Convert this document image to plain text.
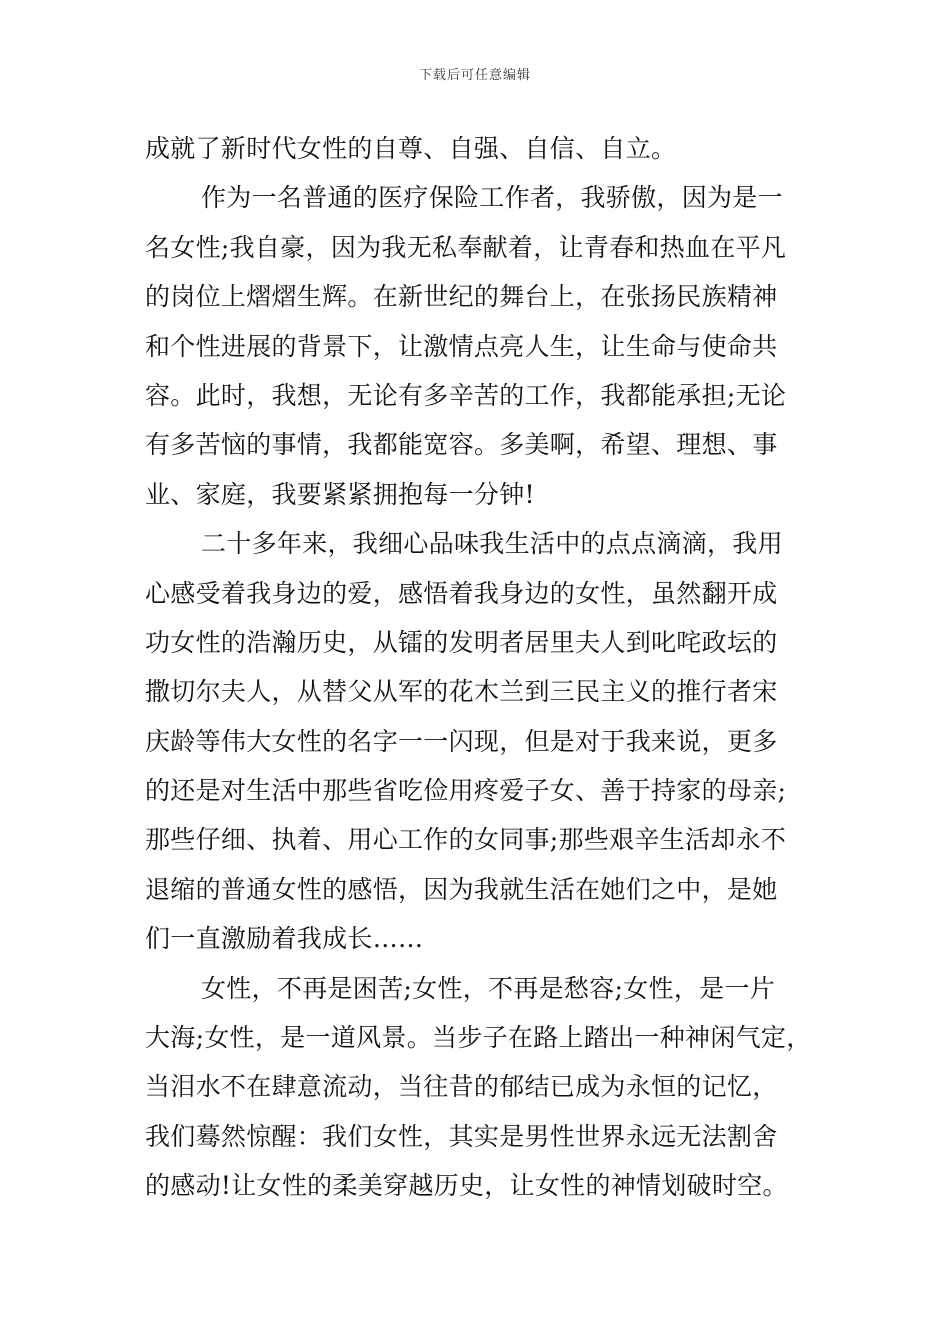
下载后可任意编辑
成就了新时代女性的自尊、自强、自信、自立。
作为一名普通的医疗保险工作者，我骄傲，因为是一
名女性;我自豪，因为我无私奉献着，让青春和热血在平凡
的岗位上熠熠生辉。在新世纪的舞台上，在张扬民族精神
和个性进展的背景下，让激情点亮人生，让生命与使命共
容。此时，我想，无论有多辛苦的工作，我都能承担;无论
有多苦恼的事情，我都能宽容。多美啊，希望、理想、事
业、家庭，我要紧紧拥抱每一分钟!
二十多年来，我细心品味我生活中的点点滴滴，我用
心感受着我身边的爱，感悟着我身边的女性，虽然翻开成
功女性的浩瀚历史，从镭的发明者居里夫人到叱咤政坛的
撒切尔夫人，从替父从军的花木兰到三民主义的推行者宋
庆龄等伟大女性的名字一一闪现，但是对于我来说，更多
的还是对生活中那些省吃俭用疼爱子女、善于持家的母亲;
那些仔细、执着、用心工作的女同事;那些艰辛生活却永不
退缩的普通女性的感悟，因为我就生活在她们之中，是她
们一直激励着我成长……
女性，不再是困苦;女性，不再是愁容;女性，是一片
大海;女性，是一道风景。当步子在路上踏出一种神闲气定，
当泪水不在肆意流动，当往昔的郁结已成为永恒的记忆，
我们蓦然惊醒：我们女性，其实是男性世界永远无法割舍
的感动!让女性的柔美穿越历史，让女性的神情划破时空。
